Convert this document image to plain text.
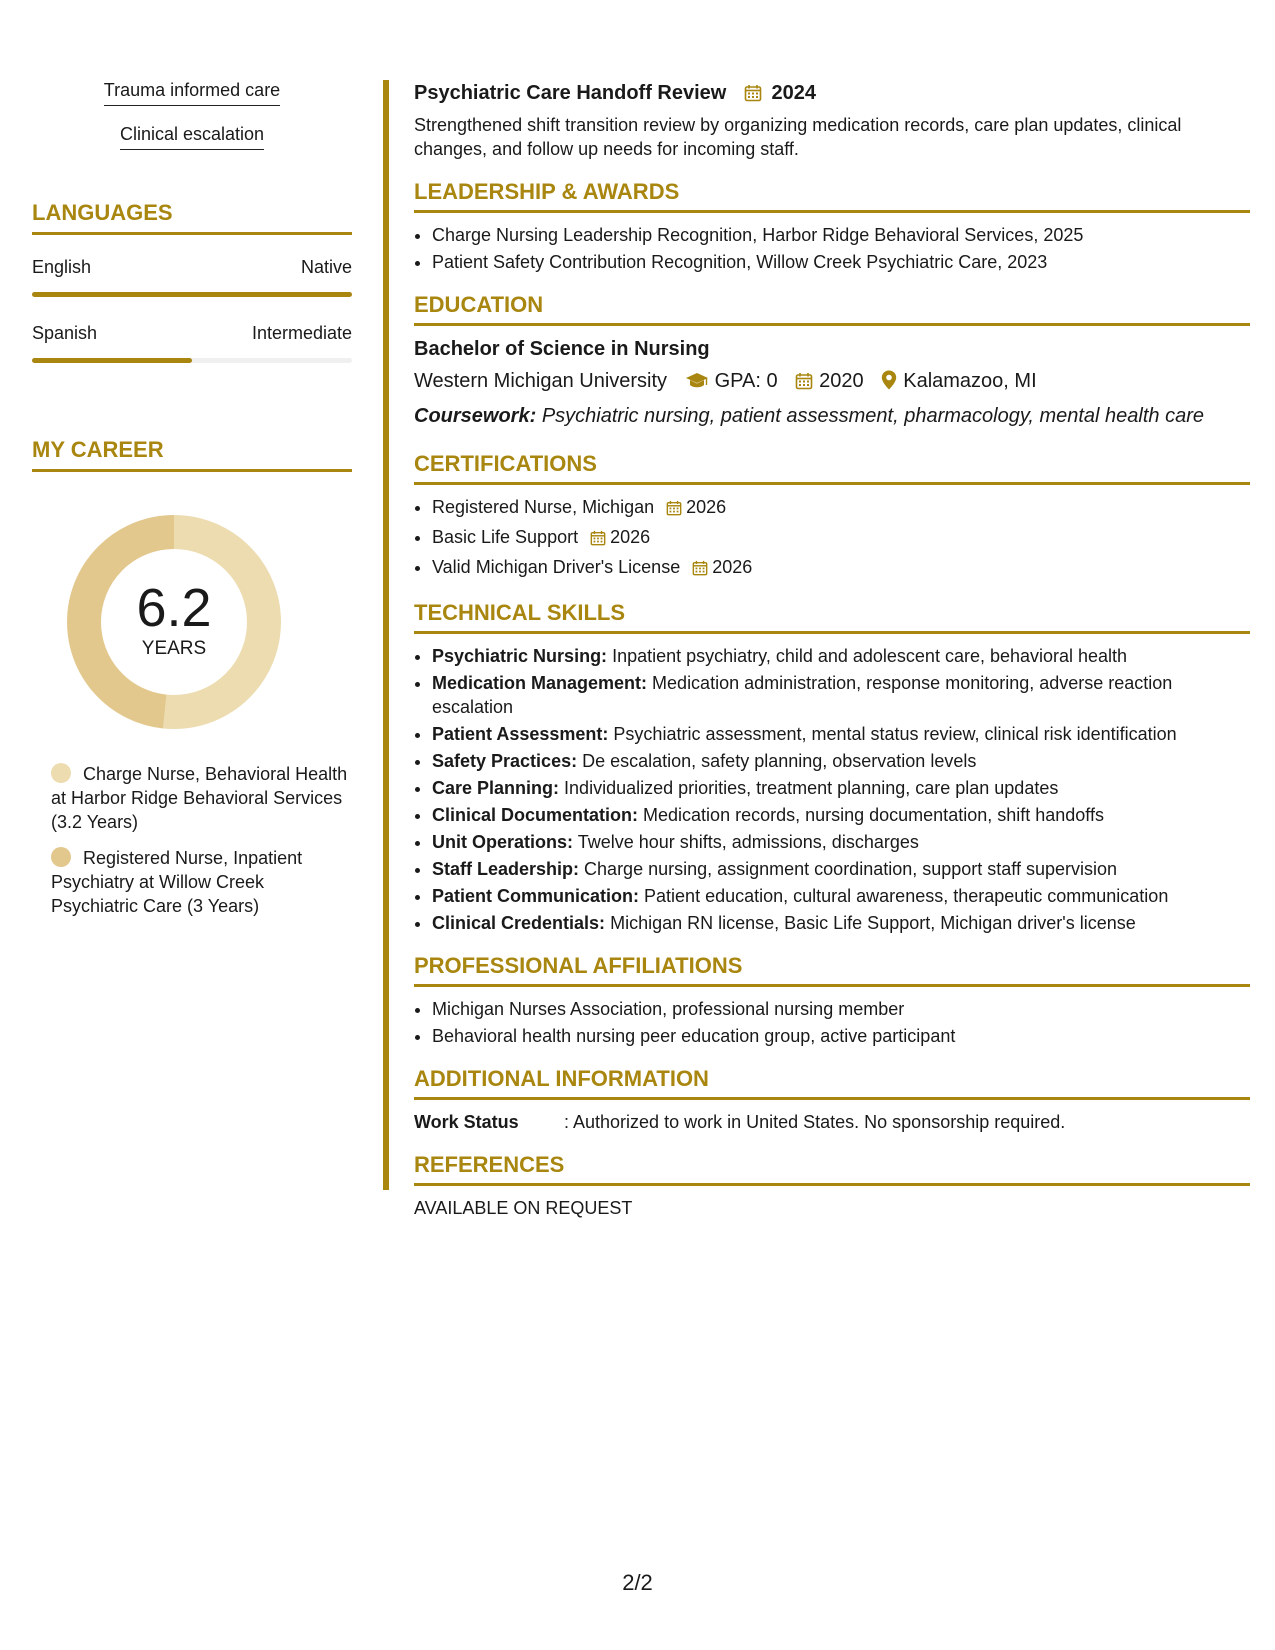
Trauma informed care
Clinical escalation
LANGUAGES
English	Native
Spanish	Intermediate
MY CAREER
6.2
YEARS
Charge Nurse, Behavioral Health at Harbor Ridge Behavioral Services (3.2 Years)
Registered Nurse, Inpatient Psychiatry at Willow Creek Psychiatric Care (3 Years)

Psychiatric Care Handoff Review 2024

Strengthened shift transition review by organizing medication records, care plan updates, clinical changes, and follow up needs for incoming staff.

LEADERSHIP & AWARDS
• Charge Nursing Leadership Recognition, Harbor Ridge Behavioral Services, 2025
• Patient Safety Contribution Recognition, Willow Creek Psychiatric Care, 2023
EDUCATION
Bachelor of Science in Nursing
Western Michigan University GPA: 0 2020 Kalamazoo, MI
Coursework: Psychiatric nursing, patient assessment, pharmacology, mental health care
CERTIFICATIONS
• Registered Nurse, Michigan 2026
• Basic Life Support 2026
• Valid Michigan Driver's License 2026
TECHNICAL SKILLS
• Psychiatric Nursing: Inpatient psychiatry, child and adolescent care, behavioral health
• Medication Management: Medication administration, response monitoring, adverse reaction escalation
• Patient Assessment: Psychiatric assessment, mental status review, clinical risk identification
• Safety Practices: De escalation, safety planning, observation levels
• Care Planning: Individualized priorities, treatment planning, care plan updates
• Clinical Documentation: Medication records, nursing documentation, shift handoffs
• Unit Operations: Twelve hour shifts, admissions, discharges
• Staff Leadership: Charge nursing, assignment coordination, support staff supervision
• Patient Communication: Patient education, cultural awareness, therapeutic communication
• Clinical Credentials: Michigan RN license, Basic Life Support, Michigan driver's license
PROFESSIONAL AFFILIATIONS
• Michigan Nurses Association, professional nursing member
• Behavioral health nursing peer education group, active participant
ADDITIONAL INFORMATION
Work Status	: Authorized to work in United States. No sponsorship required.
REFERENCES
AVAILABLE ON REQUEST
2/2
